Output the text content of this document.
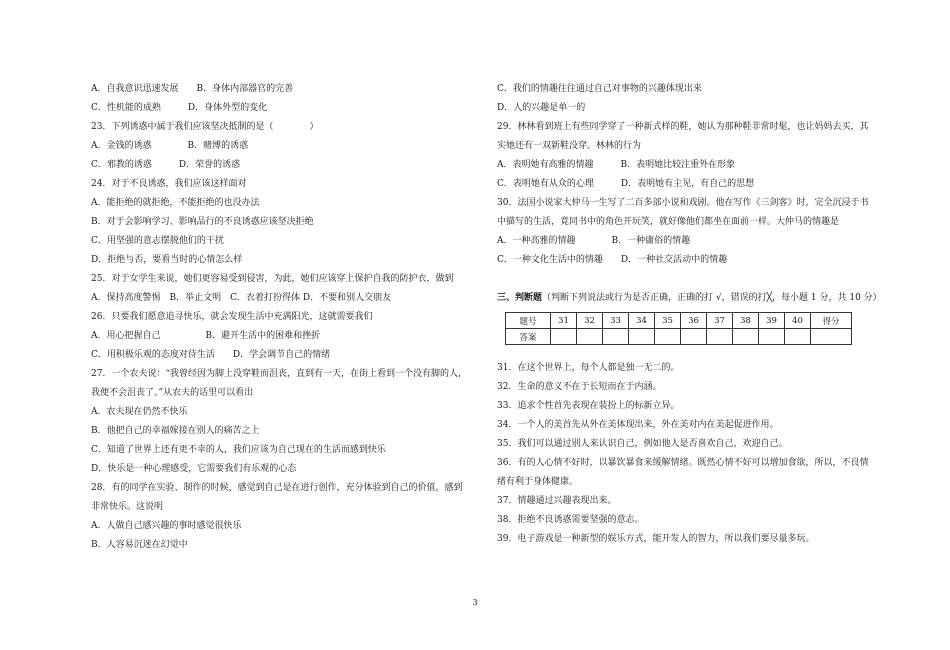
A．自我意识迅速发展　　B．身体内部器官的完善
C．性机能的成熟　　　D．身体外型的变化
23．下列诱惑中属于我们应该坚决抵制的是（　　　　）
A．金钱的诱惑　　　　B．赌博的诱惑
C．邪教的诱惑　　　D．荣誉的诱惑
24．对于不良诱惑，我们应该这样面对
A．能拒绝的就拒绝，不能拒绝的也没办法
B．对于会影响学习、影响品行的不良诱惑应该坚决拒绝
C．用坚强的意志摆脱他们的干扰
D．拒绝与否，要看当时的心情怎么样
25．对于女学生来说，她们更容易受到侵害，为此，她们应该穿上保护自我的防护衣，做到
A．保持高度警惕　B．举止文明　C．衣着打扮得体 D．不要和别人交朋友
26．只要我们愿意追寻快乐，就会发现生活中充满阳光，这就需要我们
A．用心把握自己　　　　　B．避开生活中的困难和挫折
C．用积极乐观的态度对待生活　　D．学会调节自己的情绪
27．一个农夫说：“我曾经因为脚上没穿鞋而沮丧，直到有一天，在街上看到一个没有脚的人，
我便不会沮丧了。”从农夫的话里可以看出
A．农夫现在仍然不快乐
B．他把自己的幸福嫁接在别人的痛苦之上
C．知道了世界上还有更不幸的人，我们应该为自己现在的生活而感到快乐
D．快乐是一种心理感受，它需要我们有乐观的心态
28．有的同学在实验、制作的时候，感觉到自己是在进行创作，充分体验到自己的价值，感到
非常快乐。这说明
A．人做自己感兴趣的事时感觉很快乐
B．人容易沉迷在幻觉中
C．我们的情趣往往通过自己对事物的兴趣体现出来
D．人的兴趣是单一的
29．林林看到班上有些同学穿了一种新式样的鞋，她认为那种鞋非常时髦，也让妈妈去买，其
实她还有一双新鞋没穿。林林的行为
A．表明她有高雅的情趣　　　B．表明她比较注重外在形象
C．表明她有从众的心理　　　D．表明她有主见，有自己的思想
30．法国小说家大仲马一生写了二百多部小说和戏剧。他在写作《三剑客》时，完全沉浸于书
中描写的生活，竟同书中的角色开玩笑，就好像他们都坐在面前一样。大仲马的情趣是
A．一种高雅的情趣　　　　B．一种庸俗的情趣
C．一种文化生活中的情趣　　D．一种社交活动中的情趣
三、判断题（判断下列说法或行为是否正确，正确的打 √，错误的打╳，每小题 1 分，共 10 分）
题号	31	32	33	34	35	36	37	38	39	40	得分
答案											
31．在这个世界上，每个人都是独一无二的。
32．生命的意义不在于长短而在于内涵。
33．追求个性首先表现在装扮上的标新立异。
34．一个人的美首先从外在美体现出来，外在美对内在美起促进作用。
35．我们可以通过别人来认识自己，例如他人是否喜欢自己，欢迎自己。
36．有的人心情不好时，以暴饮暴食来缓解情绪。既然心情不好可以增加食欲，所以，不良情
绪有利于身体健康。
37．情趣通过兴趣表现出来。
38．拒绝不良诱惑需要坚强的意志。
39．电子游戏是一种新型的娱乐方式，能开发人的智力，所以我们要尽量多玩。
3
